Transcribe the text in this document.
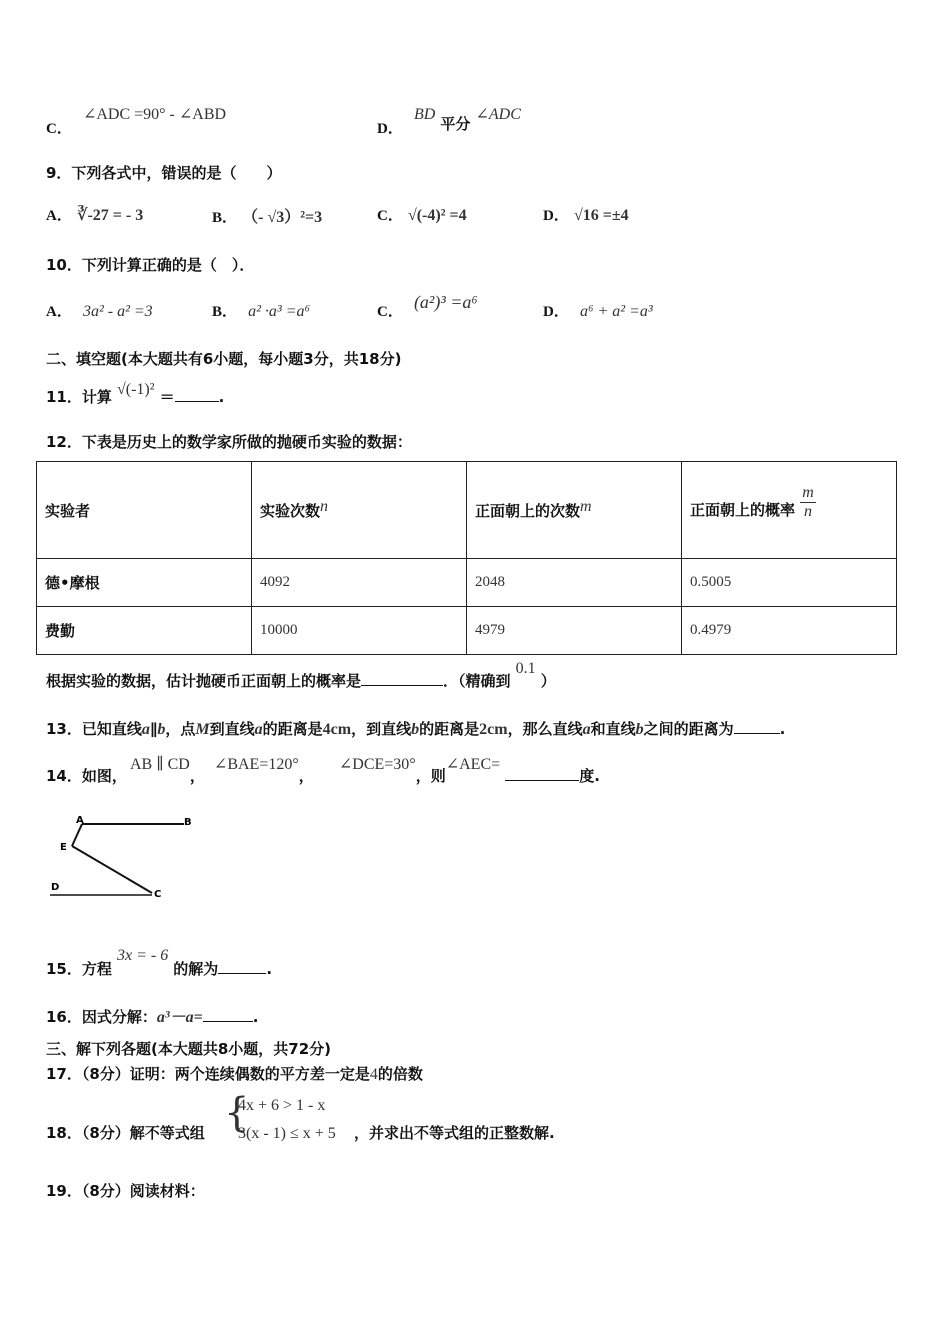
C． ∠ADC =90° - ∠ABD
D． BD 平分 ∠ADC
9．下列各式中，错误的是（　　）
A． ∛-27 = - 3	B． （- √3）²=3	C． √(-4)² =4	D． √16 =±4
10．下列计算正确的是（　）．
A． 3a² - a² =3	B． a² ·a³ =a⁶	C． (a²)³ =a⁶	D． a⁶ + a² =a³
二、填空题(本大题共有6小题，每小题3分，共18分)
11．计算 √(-1)² ＝	.
12．下表是历史上的数学家所做的抛硬币实验的数据：
实验者	实验次数n	正面朝上的次数m	正面朝上的概率 $\frac{m}{n}$

德•摩根	4092	2048	0.5005
费勤	10000	4979	0.4979
根据实验的数据，估计抛硬币正面朝上的概率是	．（精确到 0.1 ）
13．已知直线a∥b，点M到直线a的距离是4cm，到直线b的距离是2cm，那么直线a和直线b之间的距离为	.
14．如图， AB ∥ CD， ∠BAE=120°， ∠DCE=30°，则∠AEC= 度.
A	B
E
D
C
15．方程 3x = - 6 的解为	.
16．因式分解：a³－a=	.
三、解下列各题(本大题共8小题，共72分)
17．（8分）证明：两个连续偶数的平方差一定是4的倍数
18．（8分）解不等式组 {
4x + 6 > 1 - x
3(x - 1) ≤ x + 5 ，并求出不等式组的正整数解.
19．（8分）阅读材料：
